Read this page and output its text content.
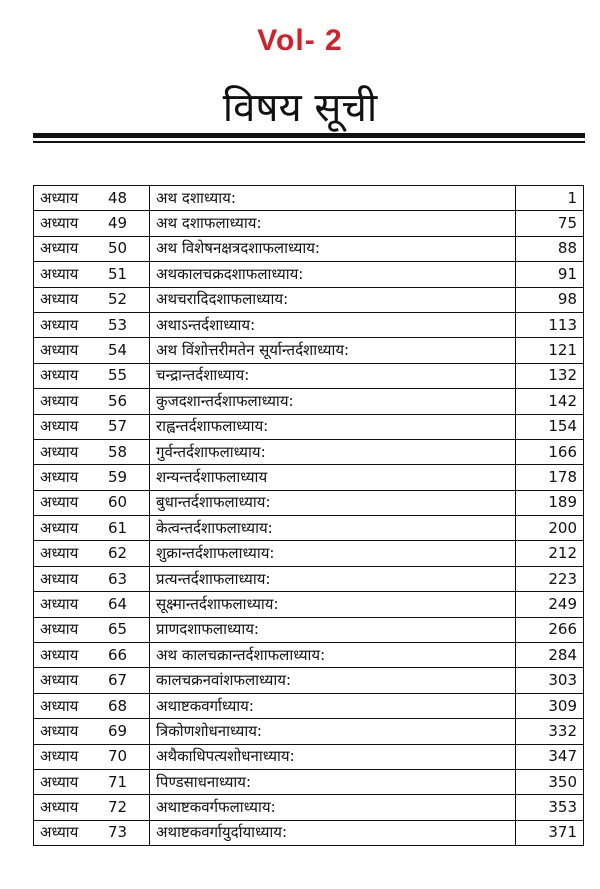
Vol- 2
विषय सूची
अध्याय 48	अथ दशाध्याय:	1
अध्याय 49	अथ दशाफलाध्याय:	75
अध्याय 50	अथ विशेषनक्षत्रदशाफलाध्याय:	88
अध्याय 51	अथकालचक्रदशाफलाध्याय:	91
अध्याय 52	अथचरादिदशाफलाध्याय:	98
अध्याय 53	अथाऽन्तर्दशाध्याय:	113
अध्याय 54	अथ विंशोत्तरीमतेन सूर्यान्तर्दशाध्याय:	121
अध्याय 55	चन्द्रान्तर्दशाध्याय:	132
अध्याय 56	कुजदशान्तर्दशाफलाध्याय:	142
अध्याय 57	राह्वन्तर्दशाफलाध्याय:	154
अध्याय 58	गुर्वन्तर्दशाफलाध्याय:	166
अध्याय 59	शन्यन्तर्दशाफलाध्याय	178
अध्याय 60	बुधान्तर्दशाफलाध्याय:	189
अध्याय 61	केत्वन्तर्दशाफलाध्याय:	200
अध्याय 62	शुक्रान्तर्दशाफलाध्याय:	212
अध्याय 63	प्रत्यन्तर्दशाफलाध्याय:	223
अध्याय 64	सूक्ष्मान्तर्दशाफलाध्याय:	249
अध्याय 65	प्राणदशाफलाध्याय:	266
अध्याय 66	अथ कालचक्रान्तर्दशाफलाध्याय:	284
अध्याय 67	कालचक्रनवांशफलाध्याय:	303
अध्याय 68	अथाष्टकवर्गाध्याय:	309
अध्याय 69	त्रिकोणशोधनाध्याय:	332
अध्याय 70	अथैकाधिपत्यशोधनाध्याय:	347
अध्याय 71	पिण्डसाधनाध्याय:	350
अध्याय 72	अथाष्टकवर्गफलाध्याय:	353
अध्याय 73	अथाष्टकवर्गायुर्दायाध्याय:	371
